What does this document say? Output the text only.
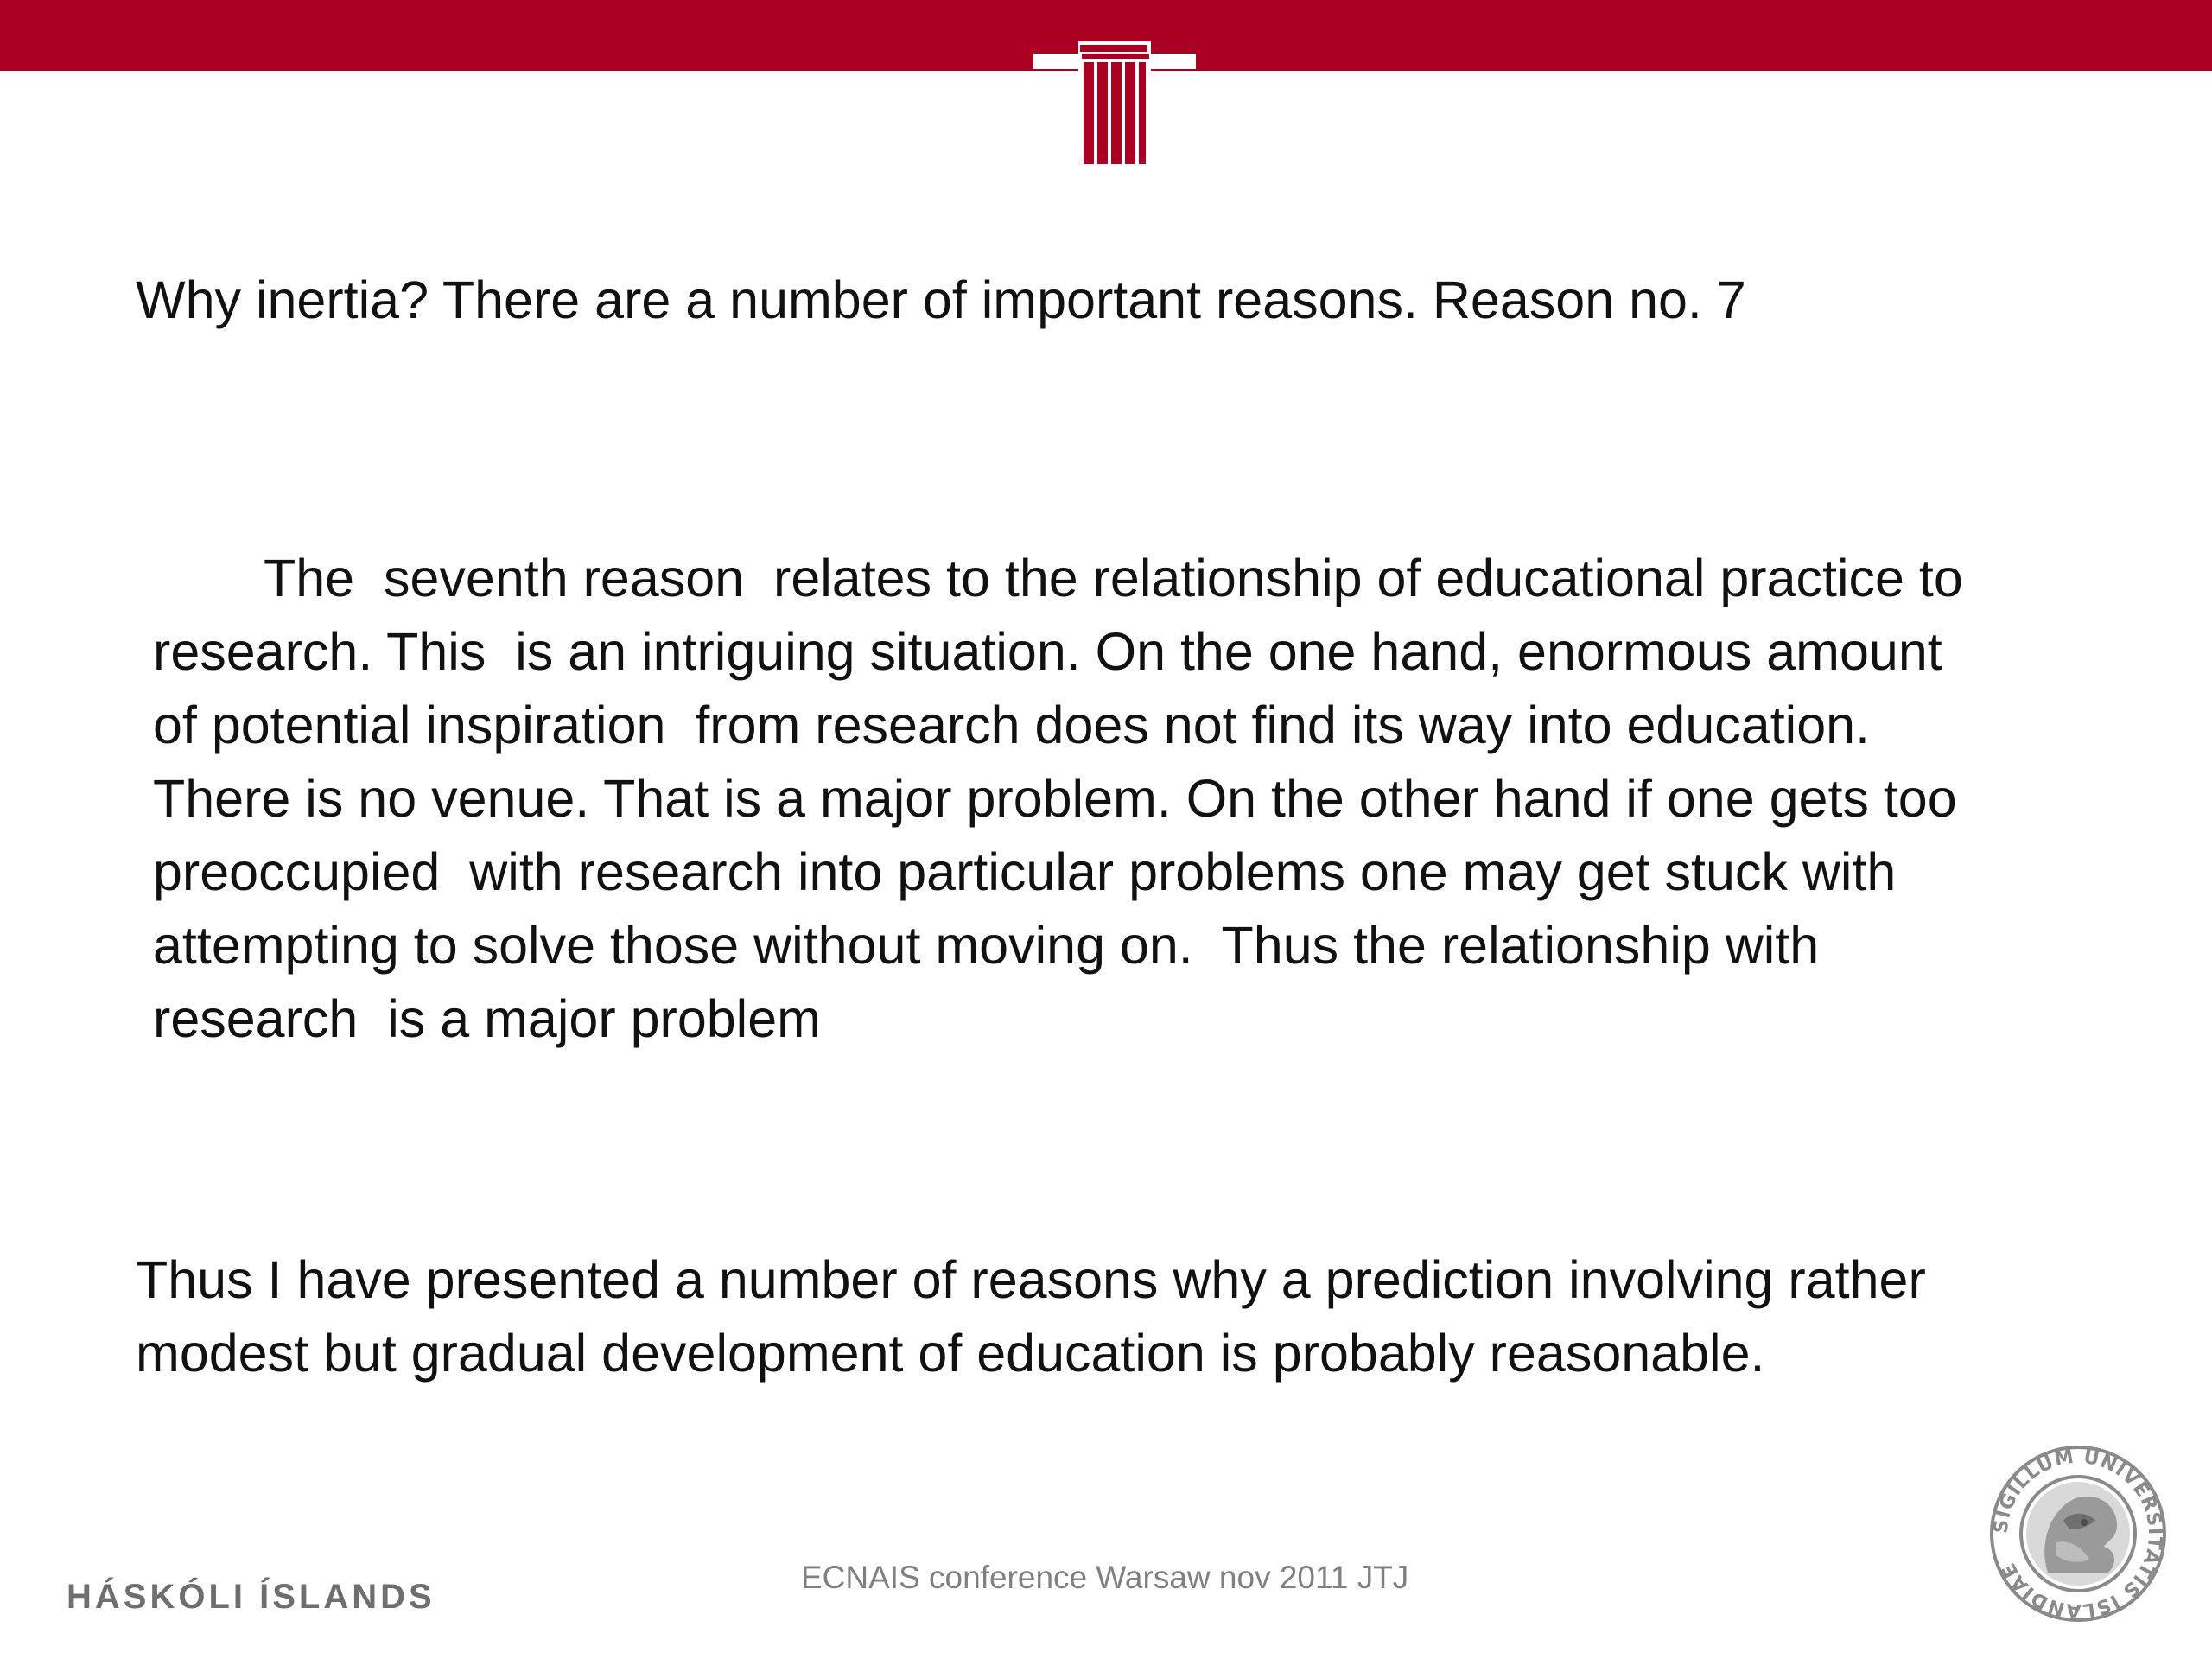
Why inertia? There are a number of important reasons. Reason no. 7

The  seventh reason  relates to the relationship of educational practice to
research. This  is an intriguing situation. On the one hand, enormous amount
of potential inspiration  from research does not find its way into education.
There is no venue. That is a major problem. On the other hand if one gets too
preoccupied  with research into particular problems one may get stuck with
attempting to solve those without moving on.  Thus the relationship with
research  is a major problem
Thus I have presented a number of reasons why a prediction involving rather
modest but gradual development of education is probably reasonable.
HÁSKÓLI ÍSLANDS
ECNAIS conference Warsaw nov 2011 JTJ
SIGILLUM UNIVERSITATIS ISLANDIAE
